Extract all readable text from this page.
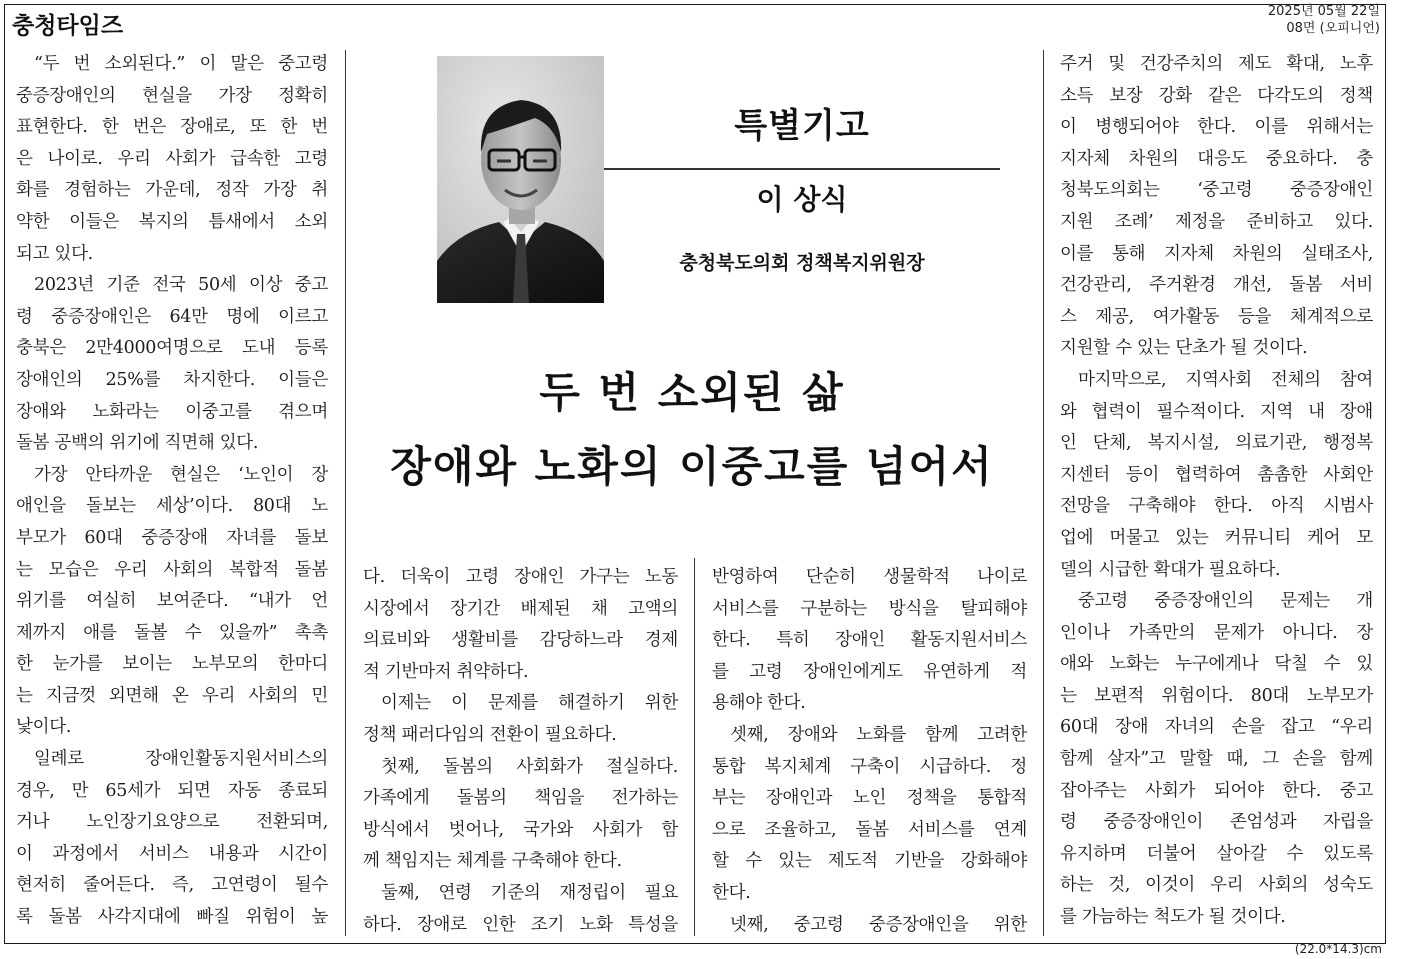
충청타임즈
2025년 05월 22일
08면 (오피니언)
특별기고
이 상식
충청북도의회 정책복지위원장
두 번 소외된 삶
장애와 노화의 이중고를 넘어서
“두 번 소외된다.” 이 말은 중고령
중증장애인의 현실을 가장 정확히
표현한다. 한 번은 장애로, 또 한 번
은 나이로. 우리 사회가 급속한 고령
화를 경험하는 가운데, 정작 가장 취
약한 이들은 복지의 틈새에서 소외
되고 있다.
2023년 기준 전국 50세 이상 중고
령 중증장애인은 64만 명에 이르고
충북은 2만4000여명으로 도내 등록
장애인의 25%를 차지한다. 이들은
장애와 노화라는 이중고를 겪으며
돌봄 공백의 위기에 직면해 있다.
가장 안타까운 현실은 ‘노인이 장
애인을 돌보는 세상’이다. 80대 노
부모가 60대 중증장애 자녀를 돌보
는 모습은 우리 사회의 복합적 돌봄
위기를 여실히 보여준다. “내가 언
제까지 애를 돌볼 수 있을까” 촉촉
한 눈가를 보이는 노부모의 한마디
는 지금껏 외면해 온 우리 사회의 민
낯이다.
일례로 장애인활동지원서비스의
경우, 만 65세가 되면 자동 종료되
거나 노인장기요양으로 전환되며,
이 과정에서 서비스 내용과 시간이
현저히 줄어든다. 즉, 고연령이 될수
록 돌봄 사각지대에 빠질 위험이 높
다. 더욱이 고령 장애인 가구는 노동
시장에서 장기간 배제된 채 고액의
의료비와 생활비를 감당하느라 경제
적 기반마저 취약하다.
이제는 이 문제를 해결하기 위한
정책 패러다임의 전환이 필요하다.
첫째, 돌봄의 사회화가 절실하다.
가족에게 돌봄의 책임을 전가하는
방식에서 벗어나, 국가와 사회가 함
께 책임지는 체계를 구축해야 한다.
둘째, 연령 기준의 재정립이 필요
하다. 장애로 인한 조기 노화 특성을
반영하여 단순히 생물학적 나이로
서비스를 구분하는 방식을 탈피해야
한다. 특히 장애인 활동지원서비스
를 고령 장애인에게도 유연하게 적
용해야 한다.
셋째, 장애와 노화를 함께 고려한
통합 복지체계 구축이 시급하다. 정
부는 장애인과 노인 정책을 통합적
으로 조율하고, 돌봄 서비스를 연계
할 수 있는 제도적 기반을 강화해야
한다.
넷째, 중고령 중증장애인을 위한
주거 및 건강주치의 제도 확대, 노후
소득 보장 강화 같은 다각도의 정책
이 병행되어야 한다. 이를 위해서는
지자체 차원의 대응도 중요하다. 충
청북도의회는 ‘중고령 중증장애인
지원 조례’ 제정을 준비하고 있다.
이를 통해 지자체 차원의 실태조사,
건강관리, 주거환경 개선, 돌봄 서비
스 제공, 여가활동 등을 체계적으로
지원할 수 있는 단초가 될 것이다.
마지막으로, 지역사회 전체의 참여
와 협력이 필수적이다. 지역 내 장애
인 단체, 복지시설, 의료기관, 행정복
지센터 등이 협력하여 촘촘한 사회안
전망을 구축해야 한다. 아직 시범사
업에 머물고 있는 커뮤니티 케어 모
델의 시급한 확대가 필요하다.
중고령 중증장애인의 문제는 개
인이나 가족만의 문제가 아니다. 장
애와 노화는 누구에게나 닥칠 수 있
는 보편적 위험이다. 80대 노부모가
60대 장애 자녀의 손을 잡고 “우리
함께 살자”고 말할 때, 그 손을 함께
잡아주는 사회가 되어야 한다. 중고
령 중증장애인이 존엄성과 자립을
유지하며 더불어 살아갈 수 있도록
하는 것, 이것이 우리 사회의 성숙도
를 가늠하는 척도가 될 것이다.
(22.0*14.3)cm
